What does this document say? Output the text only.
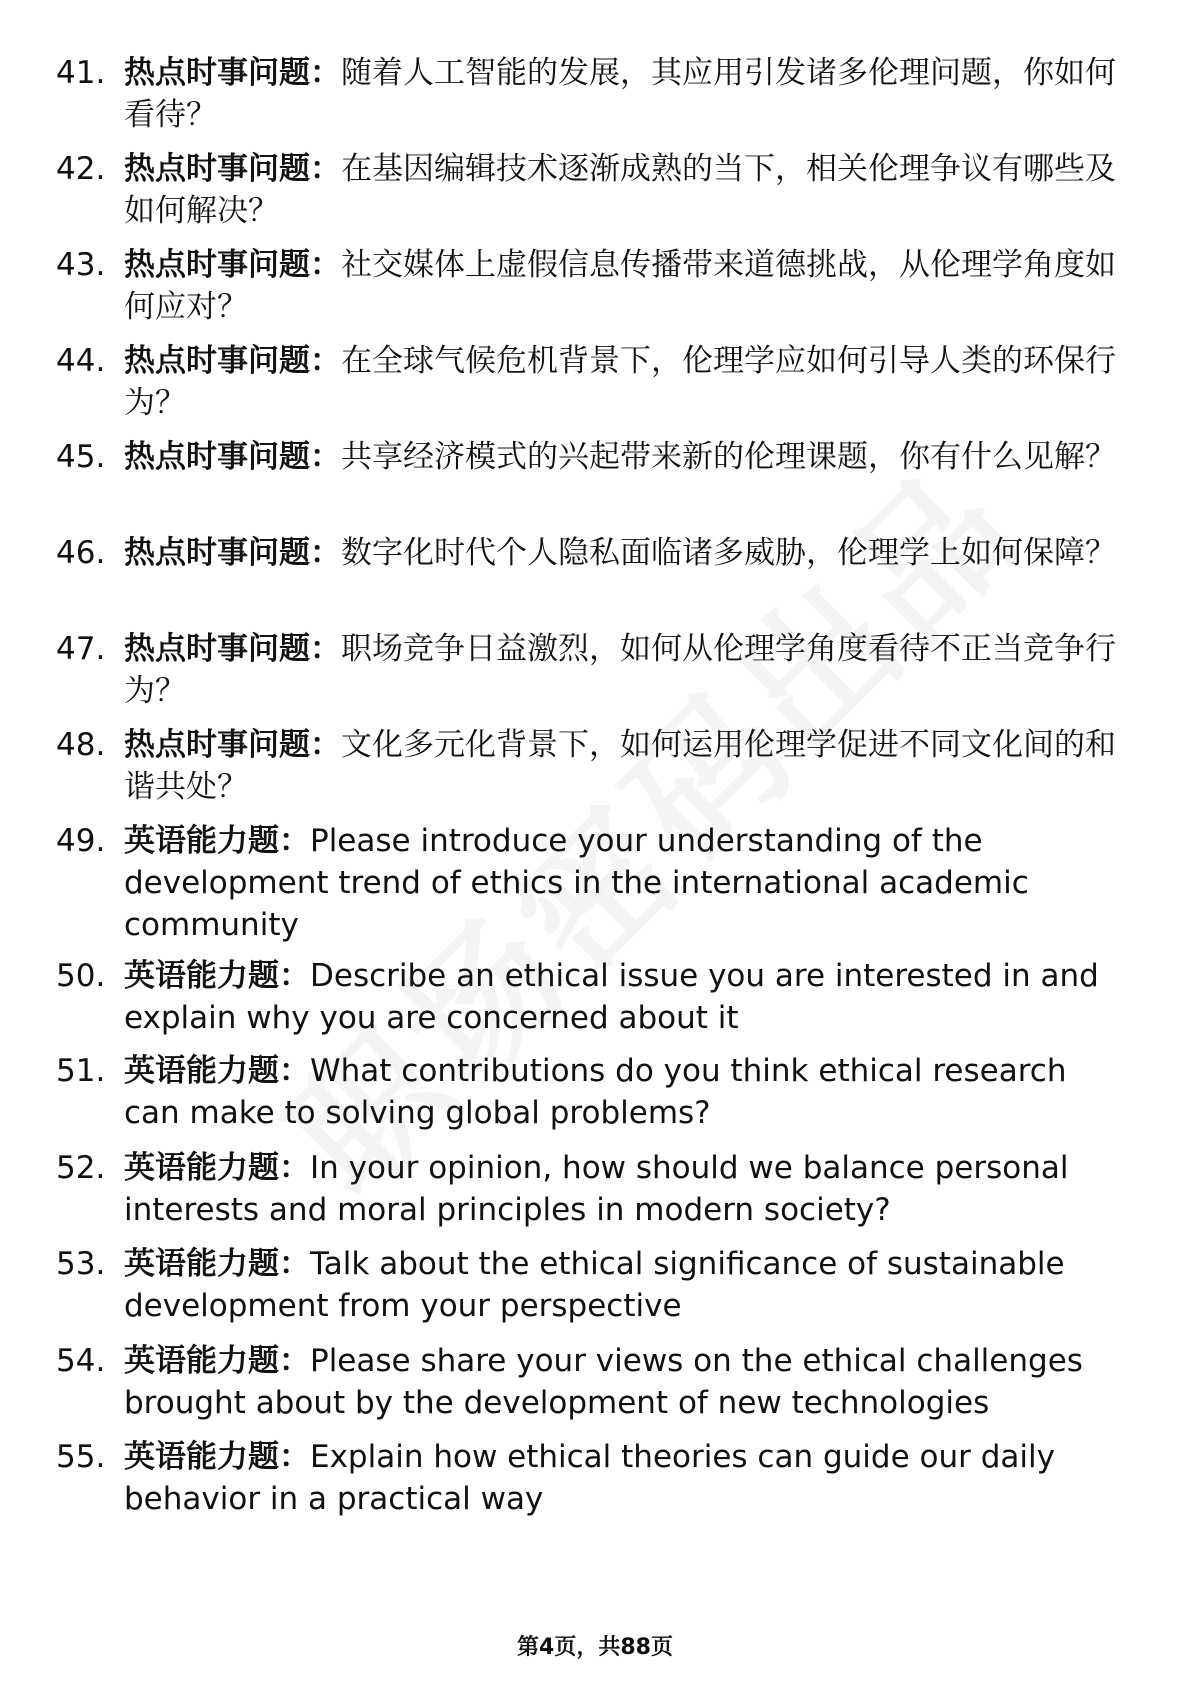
41. 热点时事问题：随着人工智能的发展，其应用引发诸多伦理问题，你如何看待？
42. 热点时事问题：在基因编辑技术逐渐成熟的当下，相关伦理争议有哪些及如何解决？
43. 热点时事问题：社交媒体上虚假信息传播带来道德挑战，从伦理学角度如何应对？
44. 热点时事问题：在全球气候危机背景下，伦理学应如何引导人类的环保行为？
45. 热点时事问题：共享经济模式的兴起带来新的伦理课题，你有什么见解？
46. 热点时事问题：数字化时代个人隐私面临诸多威胁，伦理学上如何保障？
47. 热点时事问题：职场竞争日益激烈，如何从伦理学角度看待不正当竞争行为？
48. 热点时事问题：文化多元化背景下，如何运用伦理学促进不同文化间的和谐共处？
49. 英语能力题：Please introduce your understanding of the development trend of ethics in the international academic community
50. 英语能力题：Describe an ethical issue you are interested in and explain why you are concerned about it
51. 英语能力题：What contributions do you think ethical research can make to solving global problems?
52. 英语能力题：In your opinion, how should we balance personal interests and moral principles in modern society?
53. 英语能力题：Talk about the ethical significance of sustainable development from your perspective
54. 英语能力题：Please share your views on the ethical challenges brought about by the development of new technologies
55. 英语能力题：Explain how ethical theories can guide our daily behavior in a practical way
第4页，共88页
